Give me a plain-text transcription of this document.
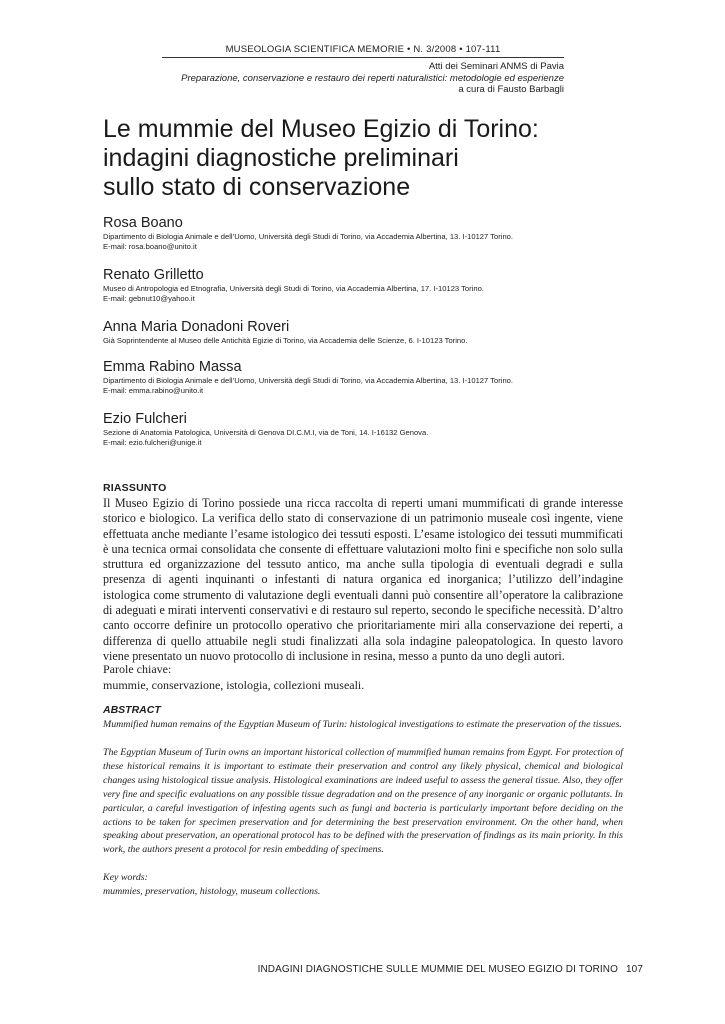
MUSEOLOGIA SCIENTIFICA MEMORIE • N. 3/2008 • 107-111
Atti dei Seminari ANMS di Pavia
Preparazione, conservazione e restauro dei reperti naturalistici: metodologie ed esperienze
a cura di Fausto Barbagli
Le mummie del Museo Egizio di Torino:
indagini diagnostiche preliminari
sullo stato di conservazione
Rosa Boano
Dipartimento di Biologia Animale e dell’Uomo, Università degli Studi di Torino, via Accademia Albertina, 13. I-10127 Torino.
E-mail: rosa.boano@unito.it
Renato Grilletto
Museo di Antropologia ed Etnografia, Università degli Studi di Torino, via Accademia Albertina, 17. I-10123 Torino.
E-mail: gebnut10@yahoo.it
Anna Maria Donadoni Roveri
Già Soprintendente al Museo delle Antichità Egizie di Torino, via Accademia delle Scienze, 6. I-10123 Torino.
Emma Rabino Massa
Dipartimento di Biologia Animale e dell’Uomo, Università degli Studi di Torino, via Accademia Albertina, 13. I-10127 Torino.
E-mail: emma.rabino@unito.it
Ezio Fulcheri
Sezione di Anatomia Patologica, Università di Genova DI.C.M.I, via de Toni, 14. I-16132 Genova.
E-mail: ezio.fulcheri@unige.it
RIASSUNTO

Il Museo Egizio di Torino possiede una ricca raccolta di reperti umani mummificati di grande interesse storico e biologico. La verifica dello stato di conservazione di un patrimonio museale così ingente, viene effettuata anche mediante l’esame istologico dei tessuti esposti. L’esame istologico dei tessuti mummificati è una tecnica ormai consolidata che consente di effettuare valutazioni molto fini e specifiche non solo sulla struttura ed organizzazione del tessuto antico, ma anche sulla tipologia di eventuali degradi e sulla presenza di agenti inquinanti o infestanti di natura organica ed inorganica; l’utilizzo dell’indagine istologica come strumento di valutazione degli eventuali danni può consentire all’operatore la calibrazione di adeguati e mirati interventi conservativi e di restauro sul reperto, secondo le specifiche necessità. D’altro canto occorre definire un protocollo operativo che prioritariamente miri alla conservazione dei reperti, a differenza di quello attuabile negli studi finalizzati alla sola indagine paleopatologica. In questo lavoro viene presentato un nuovo protocollo di inclusione in resina, messo a punto da uno degli autori.

Parole chiave:
mummie, conservazione, istologia, collezioni museali.
ABSTRACT
Mummified human remains of the Egyptian Museum of Turin: histological investigations to estimate the preservation of the tissues.

The Egyptian Museum of Turin owns an important historical collection of mummified human remains from Egypt. For protection of these historical remains it is important to estimate their preservation and control any likely physical, chemical and biological changes using histological tissue analysis. Histological examinations are indeed useful to assess the general tissue. Also, they offer very fine and specific evaluations on any possible tissue degradation and on the presence of any inorganic or organic pollutants. In particular, a careful investigation of infesting agents such as fungi and bacteria is particularly important before deciding on the actions to be taken for specimen preservation and for determining the best preservation environment. On the other hand, when speaking about preservation, an operational protocol has to be defined with the preservation of findings as its main priority. In this work, the authors present a protocol for resin embedding of specimens.

Key words:
mummies, preservation, histology, museum collections.
INDAGINI DIAGNOSTICHE SULLE MUMMIE DEL MUSEO EGIZIO DI TORINO 107
